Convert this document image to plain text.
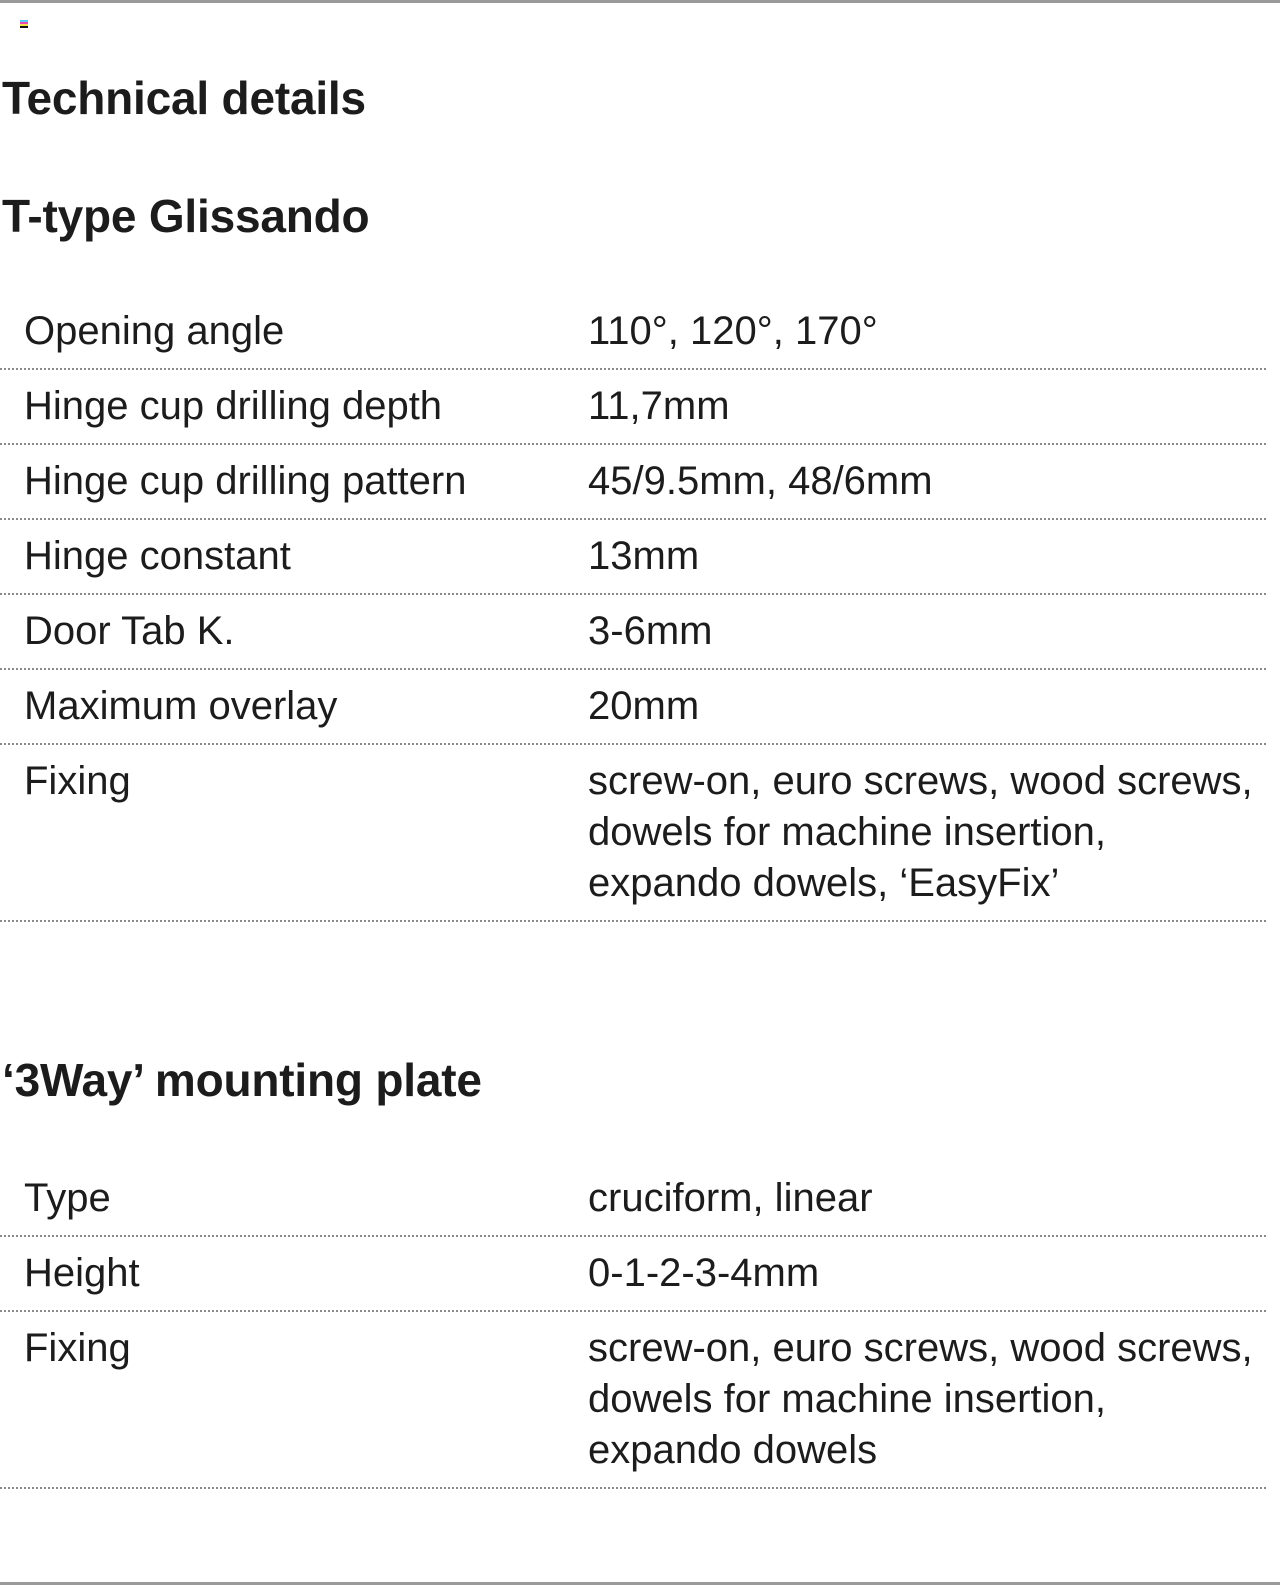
Technical details
T-type Glissando
Opening angle	110°, 120°, 170°
Hinge cup drilling depth	11,7mm
Hinge cup drilling pattern	45/9.5mm, 48/6mm
Hinge constant	13mm
Door Tab K.	3-6mm
Maximum overlay	20mm
Fixing	screw-on, euro screws, wood screws, dowels for machine insertion, expando dowels, ‘EasyFix’
‘3Way’ mounting plate
Type	cruciform, linear
Height	0-1-2-3-4mm
Fixing	screw-on, euro screws, wood screws, dowels for machine insertion, expando dowels
